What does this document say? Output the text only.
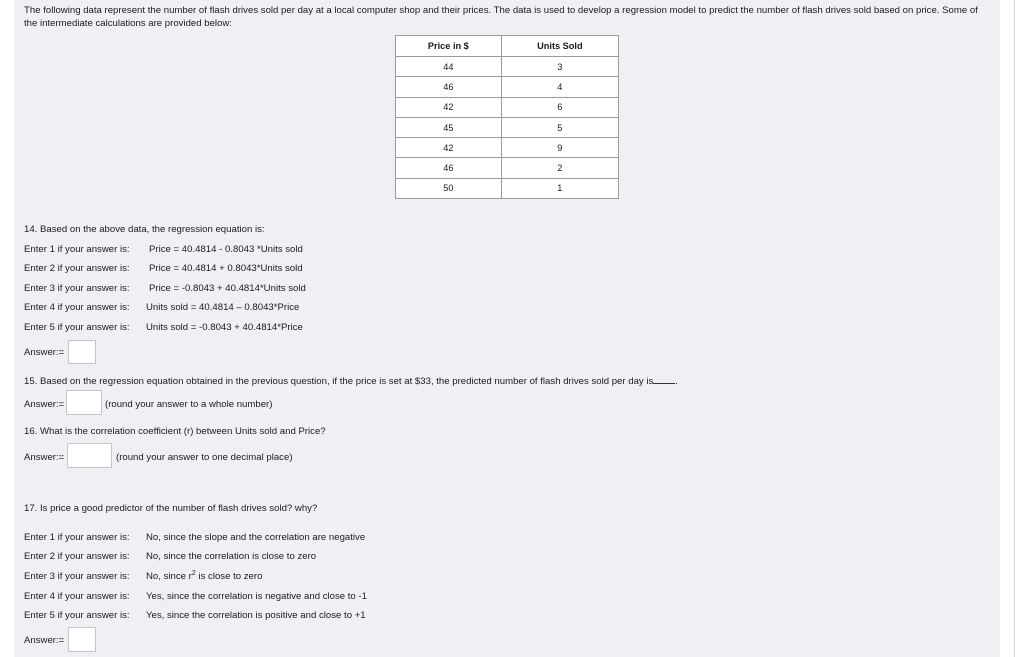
The following data represent the number of flash drives sold per day at a local computer shop and their prices. The data is used to develop a regression model to predict the number of flash drives sold based on price. Some of the intermediate calculations are provided below:
Price in $	Units Sold
44	3
46	4
42	6
45	5
42	9
46	2
50	1
14. Based on the above data, the regression equation is:
Enter 1 if your answer is: Price = 40.4814 - 0.8043 *Units sold
Enter 2 if your answer is: Price = 40.4814 + 0.8043*Units sold
Enter 3 if your answer is: Price = -0.8043 + 40.4814*Units sold
Enter 4 if your answer is: Units sold = 40.4814 – 0.8043*Price
Enter 5 if your answer is: Units sold = -0.8043 + 40.4814*Price
Answer:=
15. Based on the regression equation obtained in the previous question, if the price is set at $33, the predicted number of flash drives sold per day is .
Answer:=	(round your answer to a whole number)
16. What is the correlation coefficient (r) between Units sold and Price?
Answer:=	(round your answer to one decimal place)
17. Is price a good predictor of the number of flash drives sold? why?
Enter 1 if your answer is: No, since the slope and the correlation are negative
Enter 2 if your answer is: No, since the correlation is close to zero
Enter 3 if your answer is: No, since $r^2$ is close to zero
Enter 4 if your answer is: Yes, since the correlation is negative and close to -1
Enter 5 if your answer is: Yes, since the correlation is positive and close to +1
Answer:=
